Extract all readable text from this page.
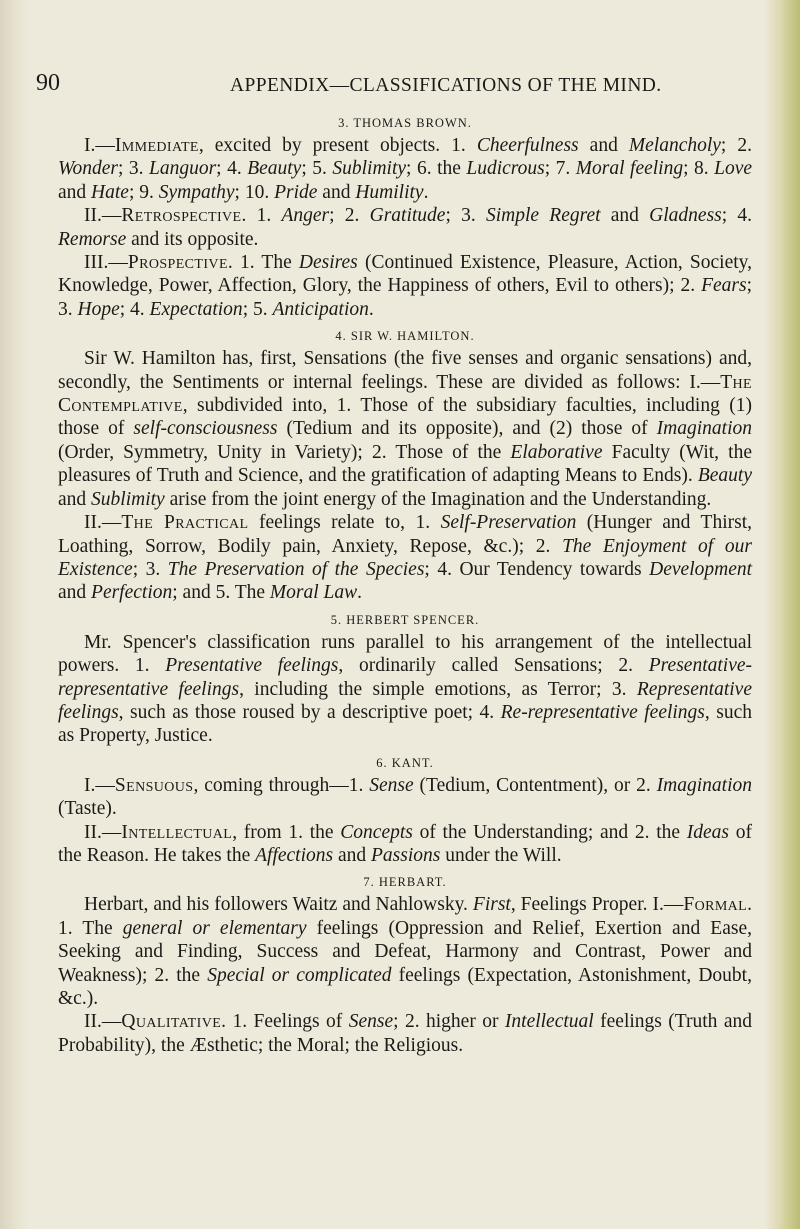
90	APPENDIX—CLASSIFICATIONS OF THE MIND.
3. THOMAS BROWN.

I.—Immediate, excited by present objects. 1. Cheerfulness and Melancholy; 2. Wonder; 3. Languor; 4. Beauty; 5. Sublimity; 6. the Ludicrous; 7. Moral feeling; 8. Love and Hate; 9. Sympathy; 10. Pride and Humility.

II.—Retrospective. 1. Anger; 2. Gratitude; 3. Simple Regret and Gladness; 4. Remorse and its opposite.

III.—Prospective. 1. The Desires (Continued Existence, Pleasure, Action, Society, Knowledge, Power, Affection, Glory, the Happiness of others, Evil to others); 2. Fears; 3. Hope; 4. Expectation; 5. Anticipation.

4. SIR W. HAMILTON.

Sir W. Hamilton has, first, Sensations (the five senses and organic sensations) and, secondly, the Sentiments or internal feelings. These are divided as follows: I.—The Contemplative, subdivided into, 1. Those of the subsidiary faculties, including (1) those of self-consciousness (Tedium and its opposite), and (2) those of Imagination (Order, Symmetry, Unity in Variety); 2. Those of the Elaborative Faculty (Wit, the pleasures of Truth and Science, and the gratification of adapting Means to Ends). Beauty and Sublimity arise from the joint energy of the Imagination and the Understanding.

II.—The Practical feelings relate to, 1. Self-Preservation (Hunger and Thirst, Loathing, Sorrow, Bodily pain, Anxiety, Repose, &c.); 2. The Enjoyment of our Existence; 3. The Preservation of the Species; 4. Our Tendency towards Development and Perfection; and 5. The Moral Law.

5. HERBERT SPENCER.

Mr. Spencer's classification runs parallel to his arrangement of the intellectual powers. 1. Presentative feelings, ordinarily called Sensations; 2. Presentative-representative feelings, including the simple emotions, as Terror; 3. Representative feelings, such as those roused by a descriptive poet; 4. Re-representative feelings, such as Property, Justice.

6. KANT.

I.—Sensuous, coming through—1. Sense (Tedium, Contentment), or 2. Imagination (Taste).

II.—Intellectual, from 1. the Concepts of the Understanding; and 2. the Ideas of the Reason. He takes the Affections and Passions under the Will.

7. HERBART.

Herbart, and his followers Waitz and Nahlowsky. First, Feelings Proper. I.—Formal. 1. The general or elementary feelings (Oppression and Relief, Exertion and Ease, Seeking and Finding, Success and Defeat, Harmony and Contrast, Power and Weakness); 2. the Special or complicated feelings (Expectation, Astonishment, Doubt, &c.).

II.—Qualitative. 1. Feelings of Sense; 2. higher or Intellectual feelings (Truth and Probability), the Æsthetic; the Moral; the Religious.
